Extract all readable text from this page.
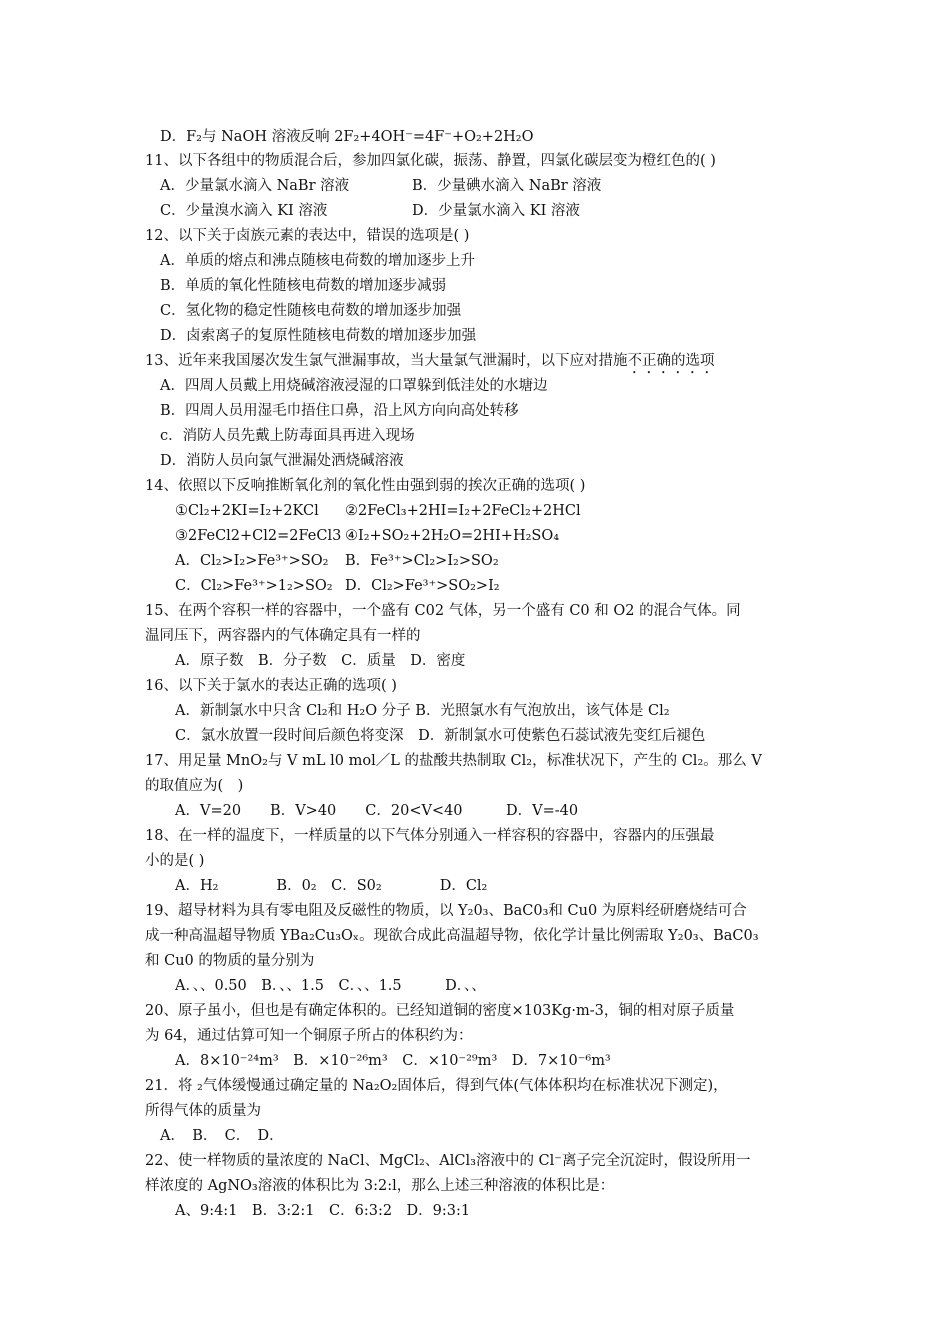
D．F₂与 NaOH 溶液反响 2F₂+4OH⁻=4F⁻+O₂+2H₂O
11、以下各组中的物质混合后，参加四氯化碳，振荡、静置，四氯化碳层变为橙红色的( )
A．少量氯水滴入 NaBr 溶液	B．少量碘水滴入 NaBr 溶液
C．少量溴水滴入 KI 溶液	D．少量氯水滴入 KI 溶液
12、以下关于卤族元素的表达中，错误的选项是( )
A．单质的熔点和沸点随核电荷数的增加逐步上升
B．单质的氧化性随核电荷数的增加逐步减弱
C．氢化物的稳定性随核电荷数的增加逐步加强
D．卤索离子的复原性随核电荷数的增加逐步加强
13、近年来我国屡次发生氯气泄漏事故，当大量氯气泄漏时，以下应对措施不正确的选项
A．四周人员戴上用烧碱溶液浸湿的口罩躲到低洼处的水塘边
B．四周人员用湿毛巾捂住口鼻，沿上风方向向高处转移
c．消防人员先戴上防毒面具再进入现场
D．消防人员向氯气泄漏处洒烧碱溶液
14、依照以下反响推断氧化剂的氧化性由强到弱的挨次正确的选项( )
①Cl₂+2KI=I₂+2KCl ②2FeCl₃+2HI=I₂+2FeCl₂+2HCl
③2FeCl2+Cl2=2FeCl3 ④I₂+SO₂+2H₂O=2HI+H₂SO₄
A．Cl₂>I₂>Fe³⁺>SO₂ B．Fe³⁺>Cl₂>I₂>SO₂
C．Cl₂>Fe³⁺>1₂>SO₂ D．Cl₂>Fe³⁺>SO₂>I₂
15、在两个容积一样的容器中，一个盛有 C02 气体，另一个盛有 C0 和 O2 的混合气体。同
温同压下，两容器内的气体确定具有一样的
A．原子数　B．分子数　C．质量　D．密度
16、以下关于氯水的表达正确的选项( )
A．新制氯水中只含 Cl₂和 H₂O 分子 B．光照氯水有气泡放出，该气体是 Cl₂
C．氯水放置一段时间后颜色将变深　D．新制氯水可使紫色石蕊试液先变红后褪色
17、用足量 MnO₂与 V mL l0 mol／L 的盐酸共热制取 Cl₂，标准状况下，产生的 Cl₂。那么 V
的取值应为(　)
A．V=20　　B．V>40　　C．20<V<40　　　D．V=-40
18、在一样的温度下，一样质量的以下气体分别通入一样容积的容器中，容器内的压强最
小的是( )
A．H₂　　　　B．0₂　C．S0₂　　　　D．Cl₂
19、超导材料为具有零电阻及反磁性的物质，以 Y₂0₃、BaC0₃和 Cu0 为原料经研磨烧结可合
成一种高温超导物质 YBa₂Cu₃Oₓ。现欲合成此高温超导物，依化学计量比例需取 Y₂0₃、BaC0₃
和 Cu0 的物质的量分别为
A．、、0.50　B．、、1.5　C．、、1.5　　　D．、、
20、原子虽小，但也是有确定体积的。已经知道铜的密度×103Kg·m-3，铜的相对原子质量
为 64，通过估算可知一个铜原子所占的体积约为：
A．8×10⁻²⁴m³　B．×10⁻²⁶m³　C．×10⁻²⁹m³　D．7×10⁻⁶m³
21．将 ₂气体缓慢通过确定量的 Na₂O₂固体后，得到气体(气体体积均在标准状况下测定)，
所得气体的质量为
A．　B．　C．　D．
22、使一样物质的量浓度的 NaCl、MgCl₂、AlCl₃溶液中的 Cl⁻离子完全沉淀时，假设所用一
样浓度的 AgNO₃溶液的体积比为 3:2:l，那么上述三种溶液的体积比是：
A、9:4:1　B．3:2:1　C．6:3:2　D．9:3:1
